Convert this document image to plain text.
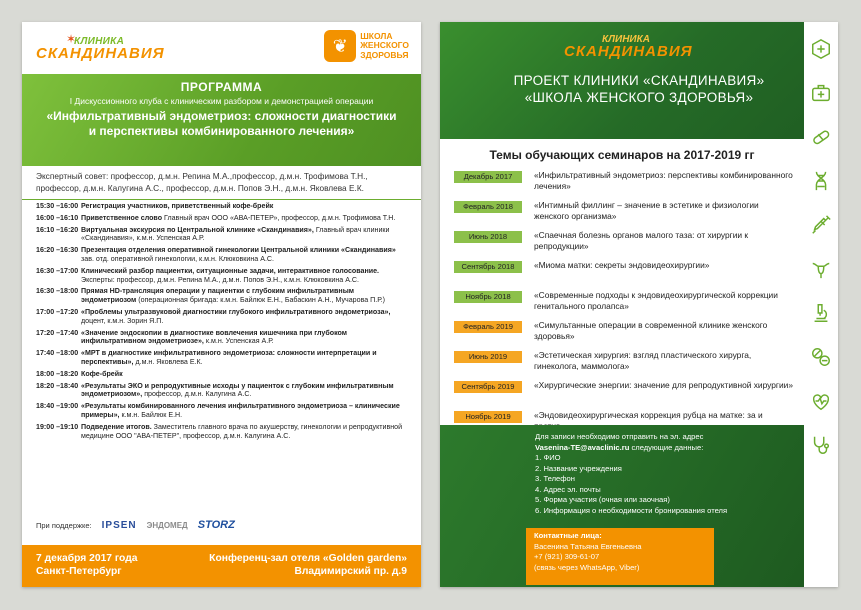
✶
КЛИНИКА
СКАНДИНАВИЯ	❦	ШКОЛА
ЖЕНСКОГО
ЗДОРОВЬЯ
ПРОГРАММА
I Дискуссионного клуба с клиническим разбором и демонстрацией операции
«Инфильтративный эндометриоз: сложности диагностики
и перспективы комбинированного лечения»
Экспертный совет: профессор, д.м.н. Репина М.А.,профессор, д.м.н. Трофимова Т.Н., профессор, д.м.н. Калугина А.С., профессор, д.м.н. Попов Э.Н., д.м.н. Яковлева Е.К.
15:30 –16:00 Регистрация участников, приветственный кофе-брейк
16:00 –16:10 Приветственное слово Главный врач ООО «АВА-ПЕТЕР», профессор, д.м.н. Трофимова Т.Н.
16:10 –16:20 Виртуальная экскурсия по Центральной клинике «Скандинавия», Главный врач клиники «Скандинавия», к.м.н. Успенская А.Р.
16:20 –16:30 Презентация отделения оперативной гинекологии Центральной клиники «Скандинавия» зав. отд. оперативной гинекологии, к.м.н. Клюковкина А.С.
16:30 –17:00 Клинический разбор пациентки, ситуационные задачи, интерактивное голосование. Эксперты: профессор, д.м.н. Репина М.А., д.м.н. Попов Э.Н., к.м.н. Клюковкина А.С.
16:30 –18:00 Прямая HD-трансляция операции у пациентки с глубоким инфильтративным эндометриозом (операционная бригада: к.м.н. Байлюк Е.Н., Бабаскин А.Н., Мучарова П.Р.)
17:00 –17:20 «Проблемы ультразвуковой диагностики глубокого инфильтративного эндометриоза», доцент, к.м.н. Зорин Я.П.
17:20 –17:40 «Значение эндоскопии в диагностике вовлечения кишечника при глубоком инфильтративном эндометриозе», к.м.н. Успенская А.Р.
17:40 –18:00 «МРТ в диагностике инфильтративного эндометриоза: сложности интерпретации и перспективы», д.м.н. Яковлева Е.К.
18:00 –18:20 Кофе-брейк
18:20 –18:40 «Результаты ЭКО и репродуктивные исходы у пациенток с глубоким инфильтративным эндометриозом», профессор, д.м.н. Калугина А.С.
18:40 –19:00 «Результаты комбинированного лечения инфильтративного эндометриоза – клинические примеры», к.м.н. Байлюк Е.Н.
19:00 –19:10 Подведение итогов. Заместитель главного врача по акушерству, гинекологии и репродуктивной медицине ООО "АВА-ПЕТЕР", профессор, д.м.н. Калугина А.С.
При поддержке: IPSEN ЭНДОМЕД STORZ
7 декабря 2017 года
Санкт-Петербург
Конференц-зал отеля «Golden garden»
Владимирский пр. д.9
КЛИНИКА
СКАНДИНАВИЯ
ПРОЕКТ КЛИНИКИ «СКАНДИНАВИЯ»
«ШКОЛА ЖЕНСКОГО ЗДОРОВЬЯ»
Темы обучающих семинаров на 2017-2019 гг
Декабрь 2017	«Инфильтративный эндометриоз: перспективы комбинированного лечения»
Февраль 2018	«Интимный филлинг – значение в эстетике и физиологии женского организма»
Июнь 2018	«Спаечная болезнь органов малого таза: от хирургии к репродукции»
Сентябрь 2018	«Миома матки: секреты эндовидеохирургии»
Ноябрь 2018	«Современные подходы к эндовидеохирургической коррекции генитального пролапса»
Февраль 2019	«Симультанные операции в современной клинике женского здоровья»
Июнь 2019	«Эстетическая хирургия: взгляд пластического хирурга, гинеколога, маммолога»
Сентябрь 2019	«Хирургические энергии: значение для репродуктивной хирургии»
Ноябрь 2019	«Эндовидеохирургическая коррекция рубца на матке: за и
Для записи необходимо отправить на эл. адрес
Vasenina-TE@avaclinic.ru следующие данные:
1. ФИО
2. Название учреждения
3. Телефон
4. Адрес эл. почты
5. Форма участия (очная или заочная)
6. Информация о необходимости бронирования отеля
Контактные лица:
Васенина Татьяна Евгеньевна
+7 (921) 309-61-07
(связь через WhatsApp, Viber)
